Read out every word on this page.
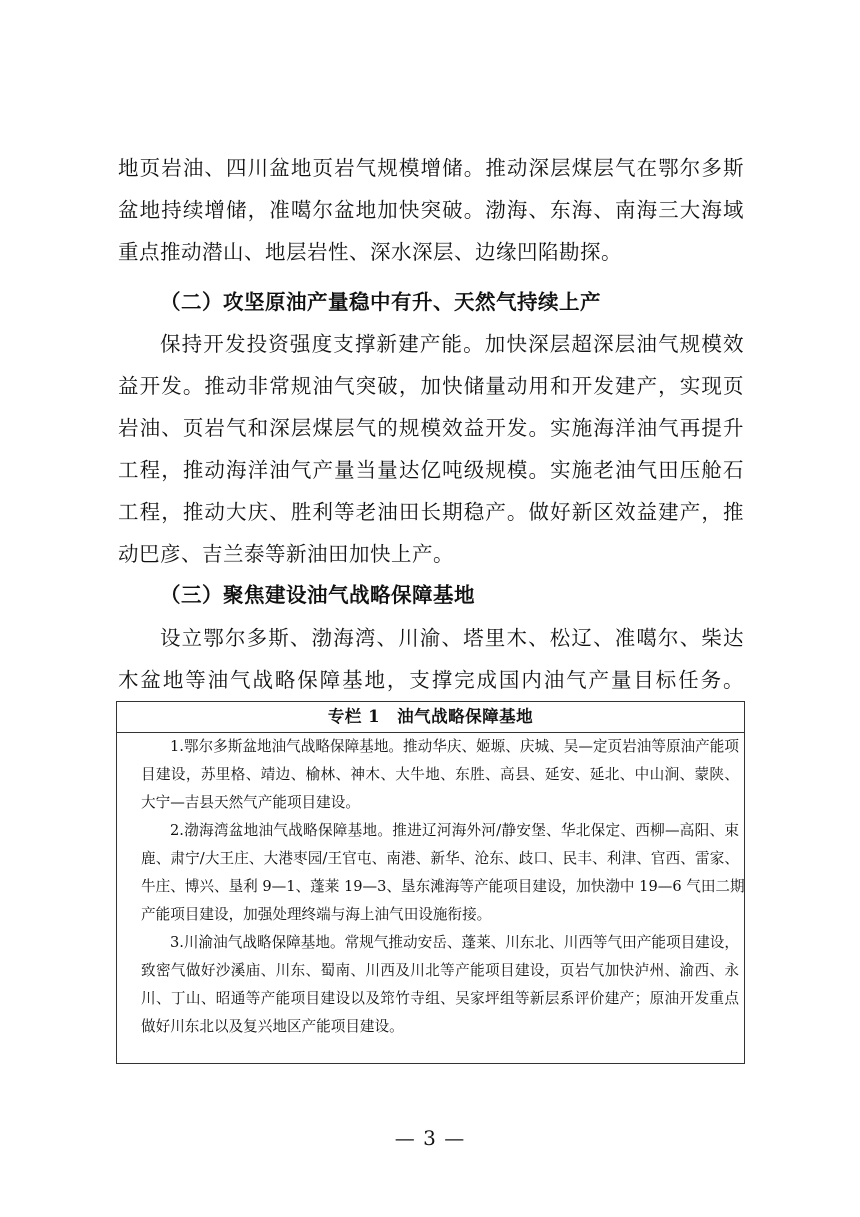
地页岩油、四川盆地页岩气规模增储。推动深层煤层气在鄂尔多斯
盆地持续增储，准噶尔盆地加快突破。渤海、东海、南海三大海域
重点推动潜山、地层岩性、深水深层、边缘凹陷勘探。
（二）攻坚原油产量稳中有升、天然气持续上产
保持开发投资强度支撑新建产能。加快深层超深层油气规模效
益开发。推动非常规油气突破，加快储量动用和开发建产，实现页
岩油、页岩气和深层煤层气的规模效益开发。实施海洋油气再提升
工程，推动海洋油气产量当量达亿吨级规模。实施老油气田压舱石
工程，推动大庆、胜利等老油田长期稳产。做好新区效益建产，推
动巴彦、吉兰泰等新油田加快上产。
（三）聚焦建设油气战略保障基地
设立鄂尔多斯、渤海湾、川渝、塔里木、松辽、准噶尔、柴达
木盆地等油气战略保障基地，支撑完成国内油气产量目标任务。
专栏 1　油气战略保障基地
1.鄂尔多斯盆地油气战略保障基地。推动华庆、姬塬、庆城、吴—定页岩油等原油产能项
目建设，苏里格、靖边、榆林、神木、大牛地、东胜、高县、延安、延北、中山涧、蒙陕、
大宁—吉县天然气产能项目建设。
2.渤海湾盆地油气战略保障基地。推进辽河海外河/静安堡、华北保定、西柳—高阳、束
鹿、肃宁/大王庄、大港枣园/王官屯、南港、新华、沧东、歧口、民丰、利津、官西、雷家、
牛庄、博兴、垦利 9—1、蓬莱 19—3、垦东滩海等产能项目建设，加快渤中 19—6 气田二期
产能项目建设，加强处理终端与海上油气田设施衔接。
3.川渝油气战略保障基地。常规气推动安岳、蓬莱、川东北、川西等气田产能项目建设，
致密气做好沙溪庙、川东、蜀南、川西及川北等产能项目建设，页岩气加快泸州、渝西、永
川、丁山、昭通等产能项目建设以及筇竹寺组、吴家坪组等新层系评价建产；原油开发重点
做好川东北以及复兴地区产能项目建设。
— 3 —
